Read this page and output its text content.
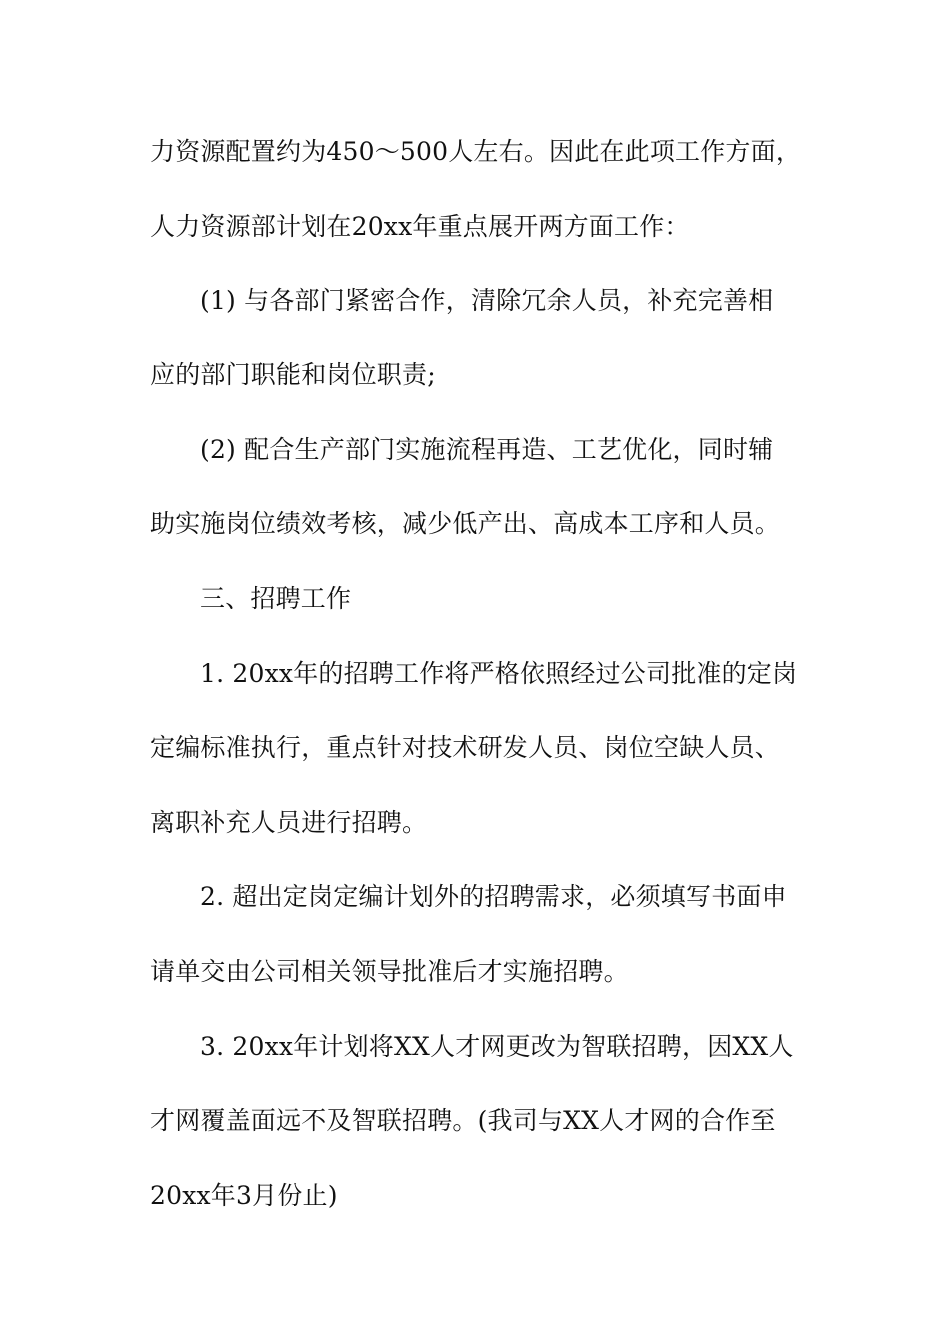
力资源配置约为450～500人左右。因此在此项工作方面，
人力资源部计划在20xx年重点展开两方面工作：
(1) 与各部门紧密合作，清除冗余人员，补充完善相
应的部门职能和岗位职责;
(2) 配合生产部门实施流程再造、工艺优化，同时辅
助实施岗位绩效考核，减少低产出、高成本工序和人员。
三、招聘工作
1. 20xx年的招聘工作将严格依照经过公司批准的定岗
定编标准执行，重点针对技术研发人员、岗位空缺人员、
离职补充人员进行招聘。
2. 超出定岗定编计划外的招聘需求，必须填写书面申
请单交由公司相关领导批准后才实施招聘。
3. 20xx年计划将XX人才网更改为智联招聘，因XX人
才网覆盖面远不及智联招聘。(我司与XX人才网的合作至
20xx年3月份止)
